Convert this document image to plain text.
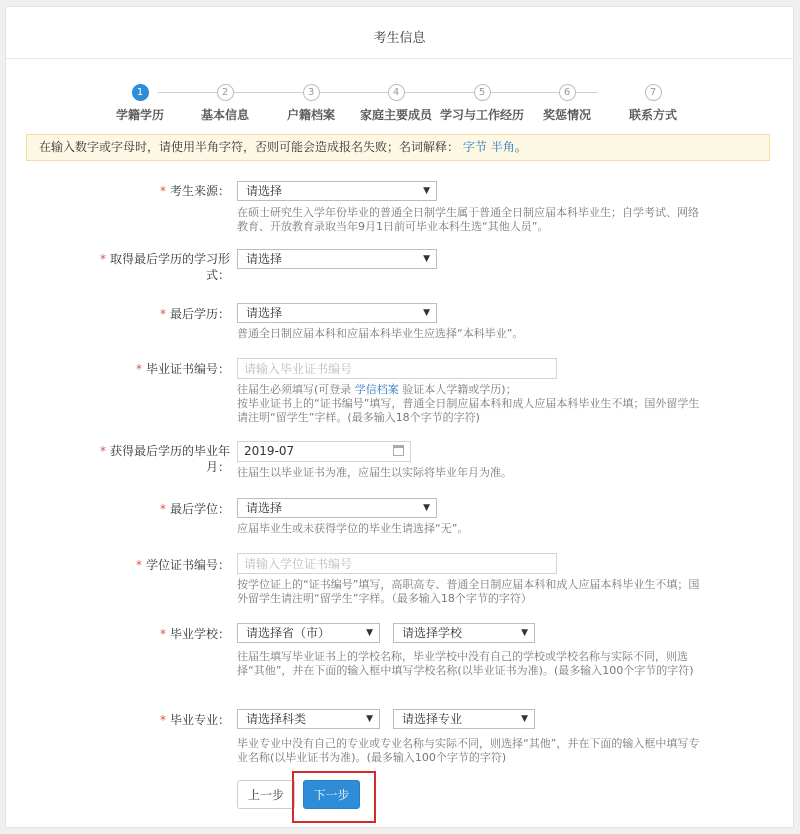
考生信息
1
学籍学历
2
基本信息
3
户籍档案
4
家庭主要成员
5
学习与工作经历
6
奖惩情况
7
联系方式
在输入数字或字母时，请使用半角字符，否则可能会造成报名失败；名词解释： 字节 半角。
* 考生来源：	请选择	▼
在硕士研究生入学年份毕业的普通全日制学生属于普通全日制应届本科毕业生；自学考试、网络教育、开放教育录取当年9月1日前可毕业本科生选“其他人员”。
* 取得最后学历的学习形式：
请选择	▼
* 最后学历：	请选择	▼
普通全日制应届本科和应届本科毕业生应选择“本科毕业”。
* 毕业证书编号：
请输入毕业证书编号
往届生必须填写(可登录 学信档案 验证本人学籍或学历)；
按毕业证书上的“证书编号”填写，普通全日制应届本科和成人应届本科毕业生不填；国外留学生请注明“留学生”字样。(最多输入18个字节的字符)
* 获得最后学历的毕业年月：
2019-07
往届生以毕业证书为准，应届生以实际将毕业年月为准。
* 最后学位：	请选择	▼
应届毕业生或未获得学位的毕业生请选择“无”。
* 学位证书编号：
请输入学位证书编号
按学位证上的“证书编号”填写，高职高专、普通全日制应届本科和成人应届本科毕业生不填；国外留学生请注明“留学生”字样。（最多输入18个字节的字符）
* 毕业学校：	请选择省（市）	▼	请选择学校	▼
往届生填写毕业证书上的学校名称，毕业学校中没有自己的学校或学校名称与实际不同，则选择“其他”，并在下面的输入框中填写学校名称(以毕业证书为准)。(最多输入100个字节的字符)
* 毕业专业：	请选择科类	▼	请选择专业	▼
毕业专业中没有自己的专业或专业名称与实际不同，则选择“其他”，并在下面的输入框中填写专业名称(以毕业证书为准)。(最多输入100个字节的字符)
上一步	下一步
